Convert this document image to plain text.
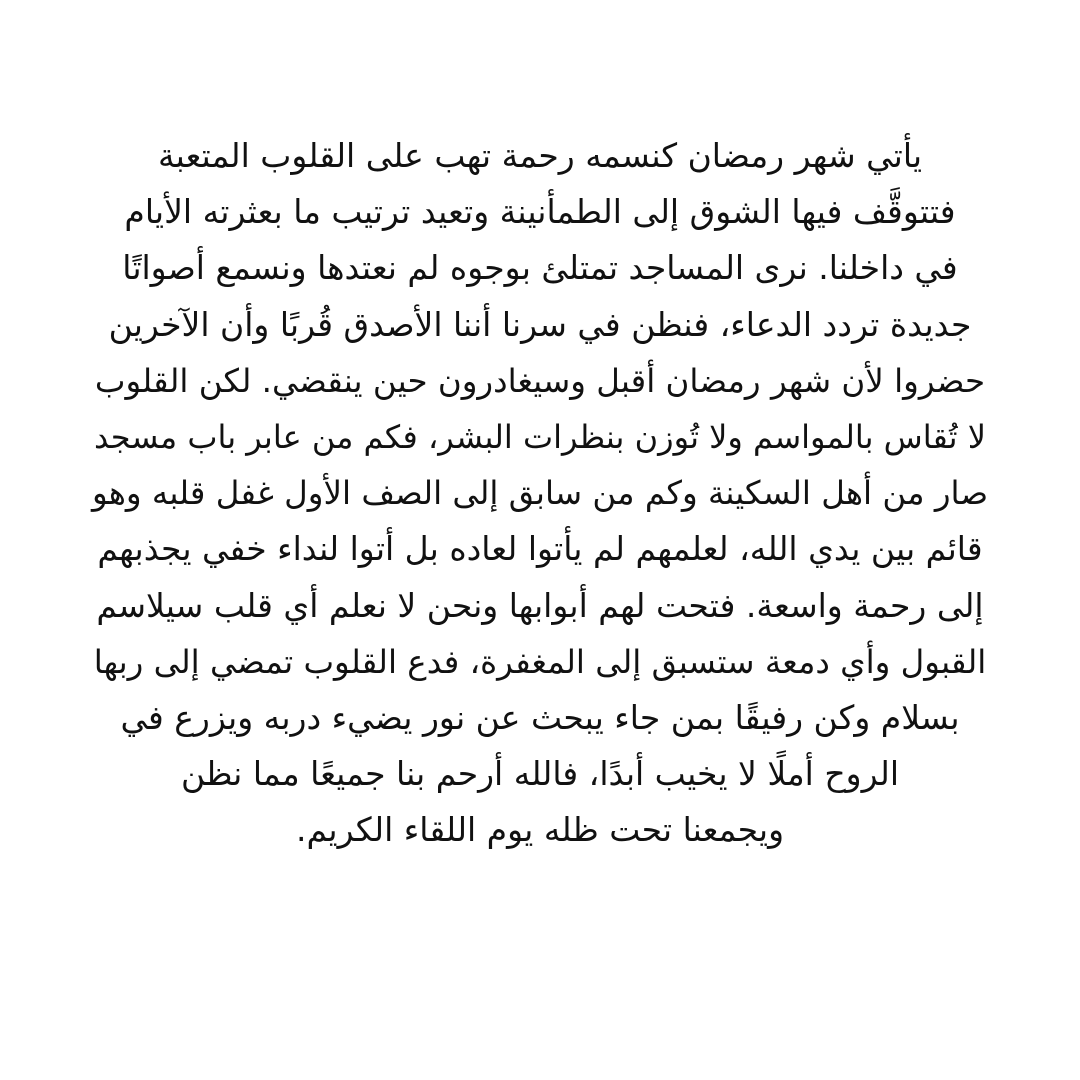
يأتي شهر رمضان كنسمه رحمة تهب على القلوب المتعبة
فتتوقَّف فيها الشوق إلى الطمأنينة وتعيد ترتيب ما بعثرته الأيام
في داخلنا. نرى المساجد تمتلئ بوجوه لم نعتدها ونسمع أصواتًا
جديدة تردد الدعاء، فنظن في سرنا أننا الأصدق قُربًا وأن الآخرين
حضروا لأن شهر رمضان أقبل وسيغادرون حين ينقضي. لكن القلوب
لا تُقاس بالمواسم ولا تُوزن بنظرات البشر، فكم من عابر باب مسجد
صار من أهل السكينة وكم من سابق إلى الصف الأول غفل قلبه وهو
قائم بين يدي الله، لعلمهم لم يأتوا لعاده بل أتوا لنداء خفي يجذبهم
إلى رحمة واسعة. فتحت لهم أبوابها ونحن لا نعلم أي قلب سيلاسم
القبول وأي دمعة ستسبق إلى المغفرة، فدع القلوب تمضي إلى ربها
بسلام وكن رفيقًا بمن جاء يبحث عن نور يضيء دربه ويزرع في
الروح أملًا لا يخيب أبدًا، فالله أرحم بنا جميعًا مما نظن
ويجمعنا تحت ظله يوم اللقاء الكريم.
